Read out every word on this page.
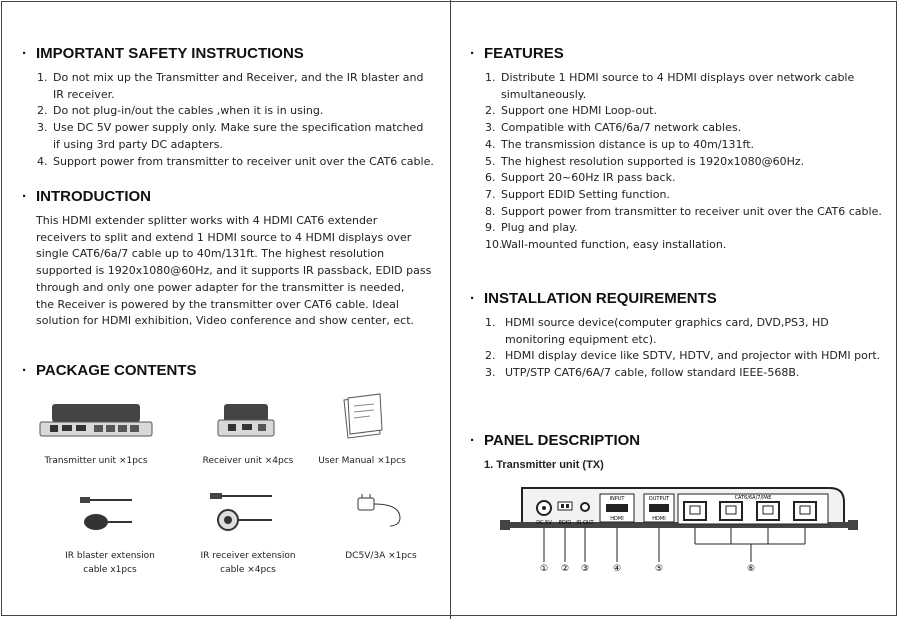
· IMPORTANT SAFETY INSTRUCTIONS
1. Do not mix up the Transmitter and Receiver, and the IR blaster and
IR receiver.
2. Do not plug-in/out the cables ,when it is in using.
3. Use DC 5V power supply only. Make sure the specification matched
if using 3rd party DC adapters.
4. Support power from transmitter to receiver unit over the CAT6 cable.
· INTRODUCTION
This HDMI extender splitter works with 4 HDMI CAT6 extender
receivers to split and extend 1 HDMI source to 4 HDMI displays over
single CAT6/6a/7 cable up to 40m/131ft. The highest resolution
supported is 1920x1080@60Hz, and it supports IR passback, EDID pass
through and only one power adapter for the transmitter is needed,
the Receiver is powered by the transmitter over CAT6 cable. Ideal
solution for HDMI exhibition, Video conference and show center, ect.
· PACKAGE CONTENTS
Transmitter unit ×1pcs	Receiver unit ×4pcs	User Manual ×1pcs
IR blaster extension
cable x1pcs
IR receiver extension
cable ×4pcs
DC5V/3A ×1pcs
· FEATURES
1. Distribute 1 HDMI source to 4 HDMI displays over network cable
simultaneously.
2. Support one HDMI Loop-out.
3. Compatible with CAT6/6a/7 network cables.
4. The transmission distance is up to 40m/131ft.
5. The highest resolution supported is 1920x1080@60Hz.
6. Support 20~60Hz IR pass back.
7. Support EDID Setting function.
8. Support power from transmitter to receiver unit over the CAT6 cable.
9. Plug and play.
10.
Wall-mounted function, easy installation.
· INSTALLATION REQUIREMENTS
1. HDMI source device(computer graphics card, DVD,PS3, HD
monitoring equipment etc).
2. HDMI display device like SDTV, HDTV, and projector with HDMI port.
3. UTP/STP CAT6/6A/7 cable, follow standard IEEE-568B.
· PANEL DESCRIPTION
1. Transmitter unit (TX)
DC 5V EDID IR OUT
INPUT
HDMI
OUTPUT
HDMI
CAT6/6A/7/PAE
① ② ③	④	⑤	⑥
